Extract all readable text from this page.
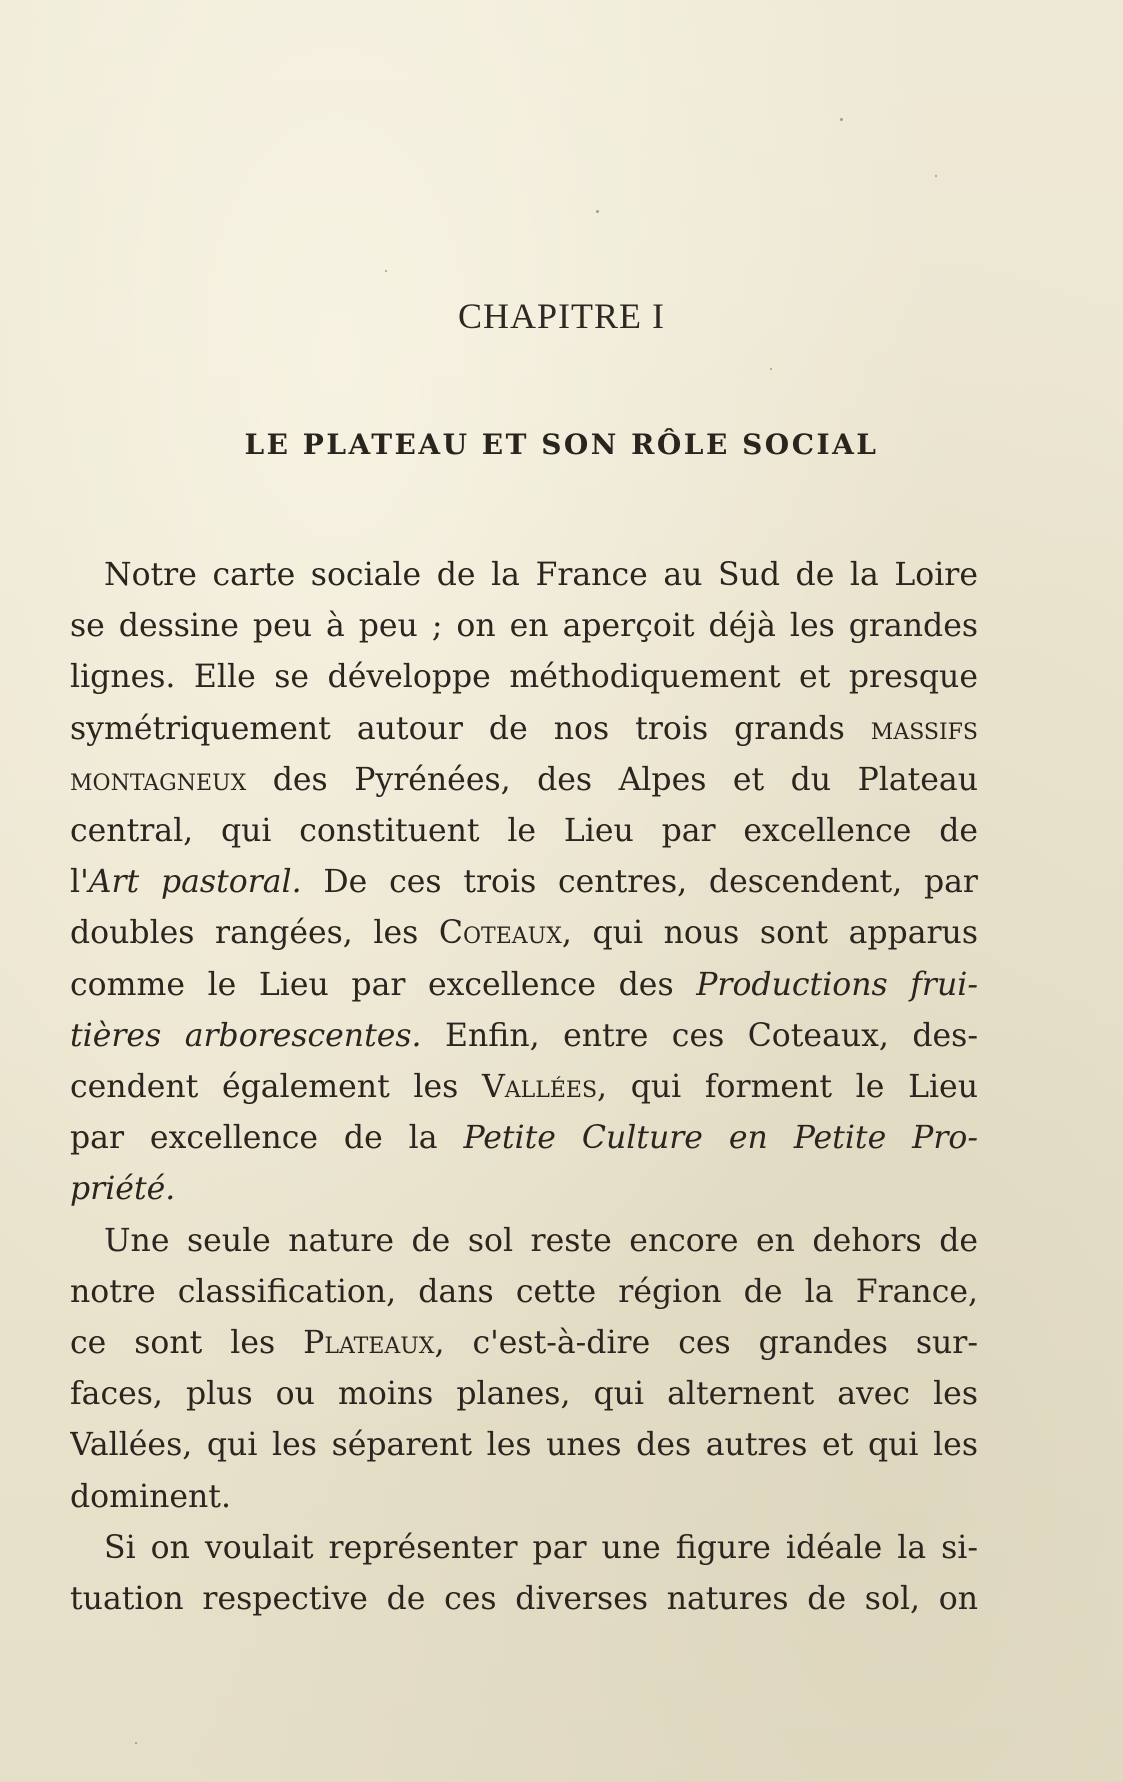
CHAPITRE I
LE PLATEAU ET SON RÔLE SOCIAL
Notre carte sociale de la France au Sud de la Loire
se dessine peu à peu ; on en aperçoit déjà les grandes
lignes. Elle se développe méthodiquement et presque
symétriquement autour de nos trois grands massifs
montagneux des Pyrénées, des Alpes et du Plateau
central, qui constituent le Lieu par excellence de
l'Art pastoral. De ces trois centres, descendent, par
doubles rangées, les Coteaux, qui nous sont apparus
comme le Lieu par excellence des Productions frui-
tières arborescentes. Enfin, entre ces Coteaux, des-
cendent également les Vallées, qui forment le Lieu
par excellence de la Petite Culture en Petite Pro-
priété.
Une seule nature de sol reste encore en dehors de
notre classification, dans cette région de la France,
ce sont les Plateaux, c'est-à-dire ces grandes sur-
faces, plus ou moins planes, qui alternent avec les
Vallées, qui les séparent les unes des autres et qui les
dominent.
Si on voulait représenter par une figure idéale la si-
tuation respective de ces diverses natures de sol, on
